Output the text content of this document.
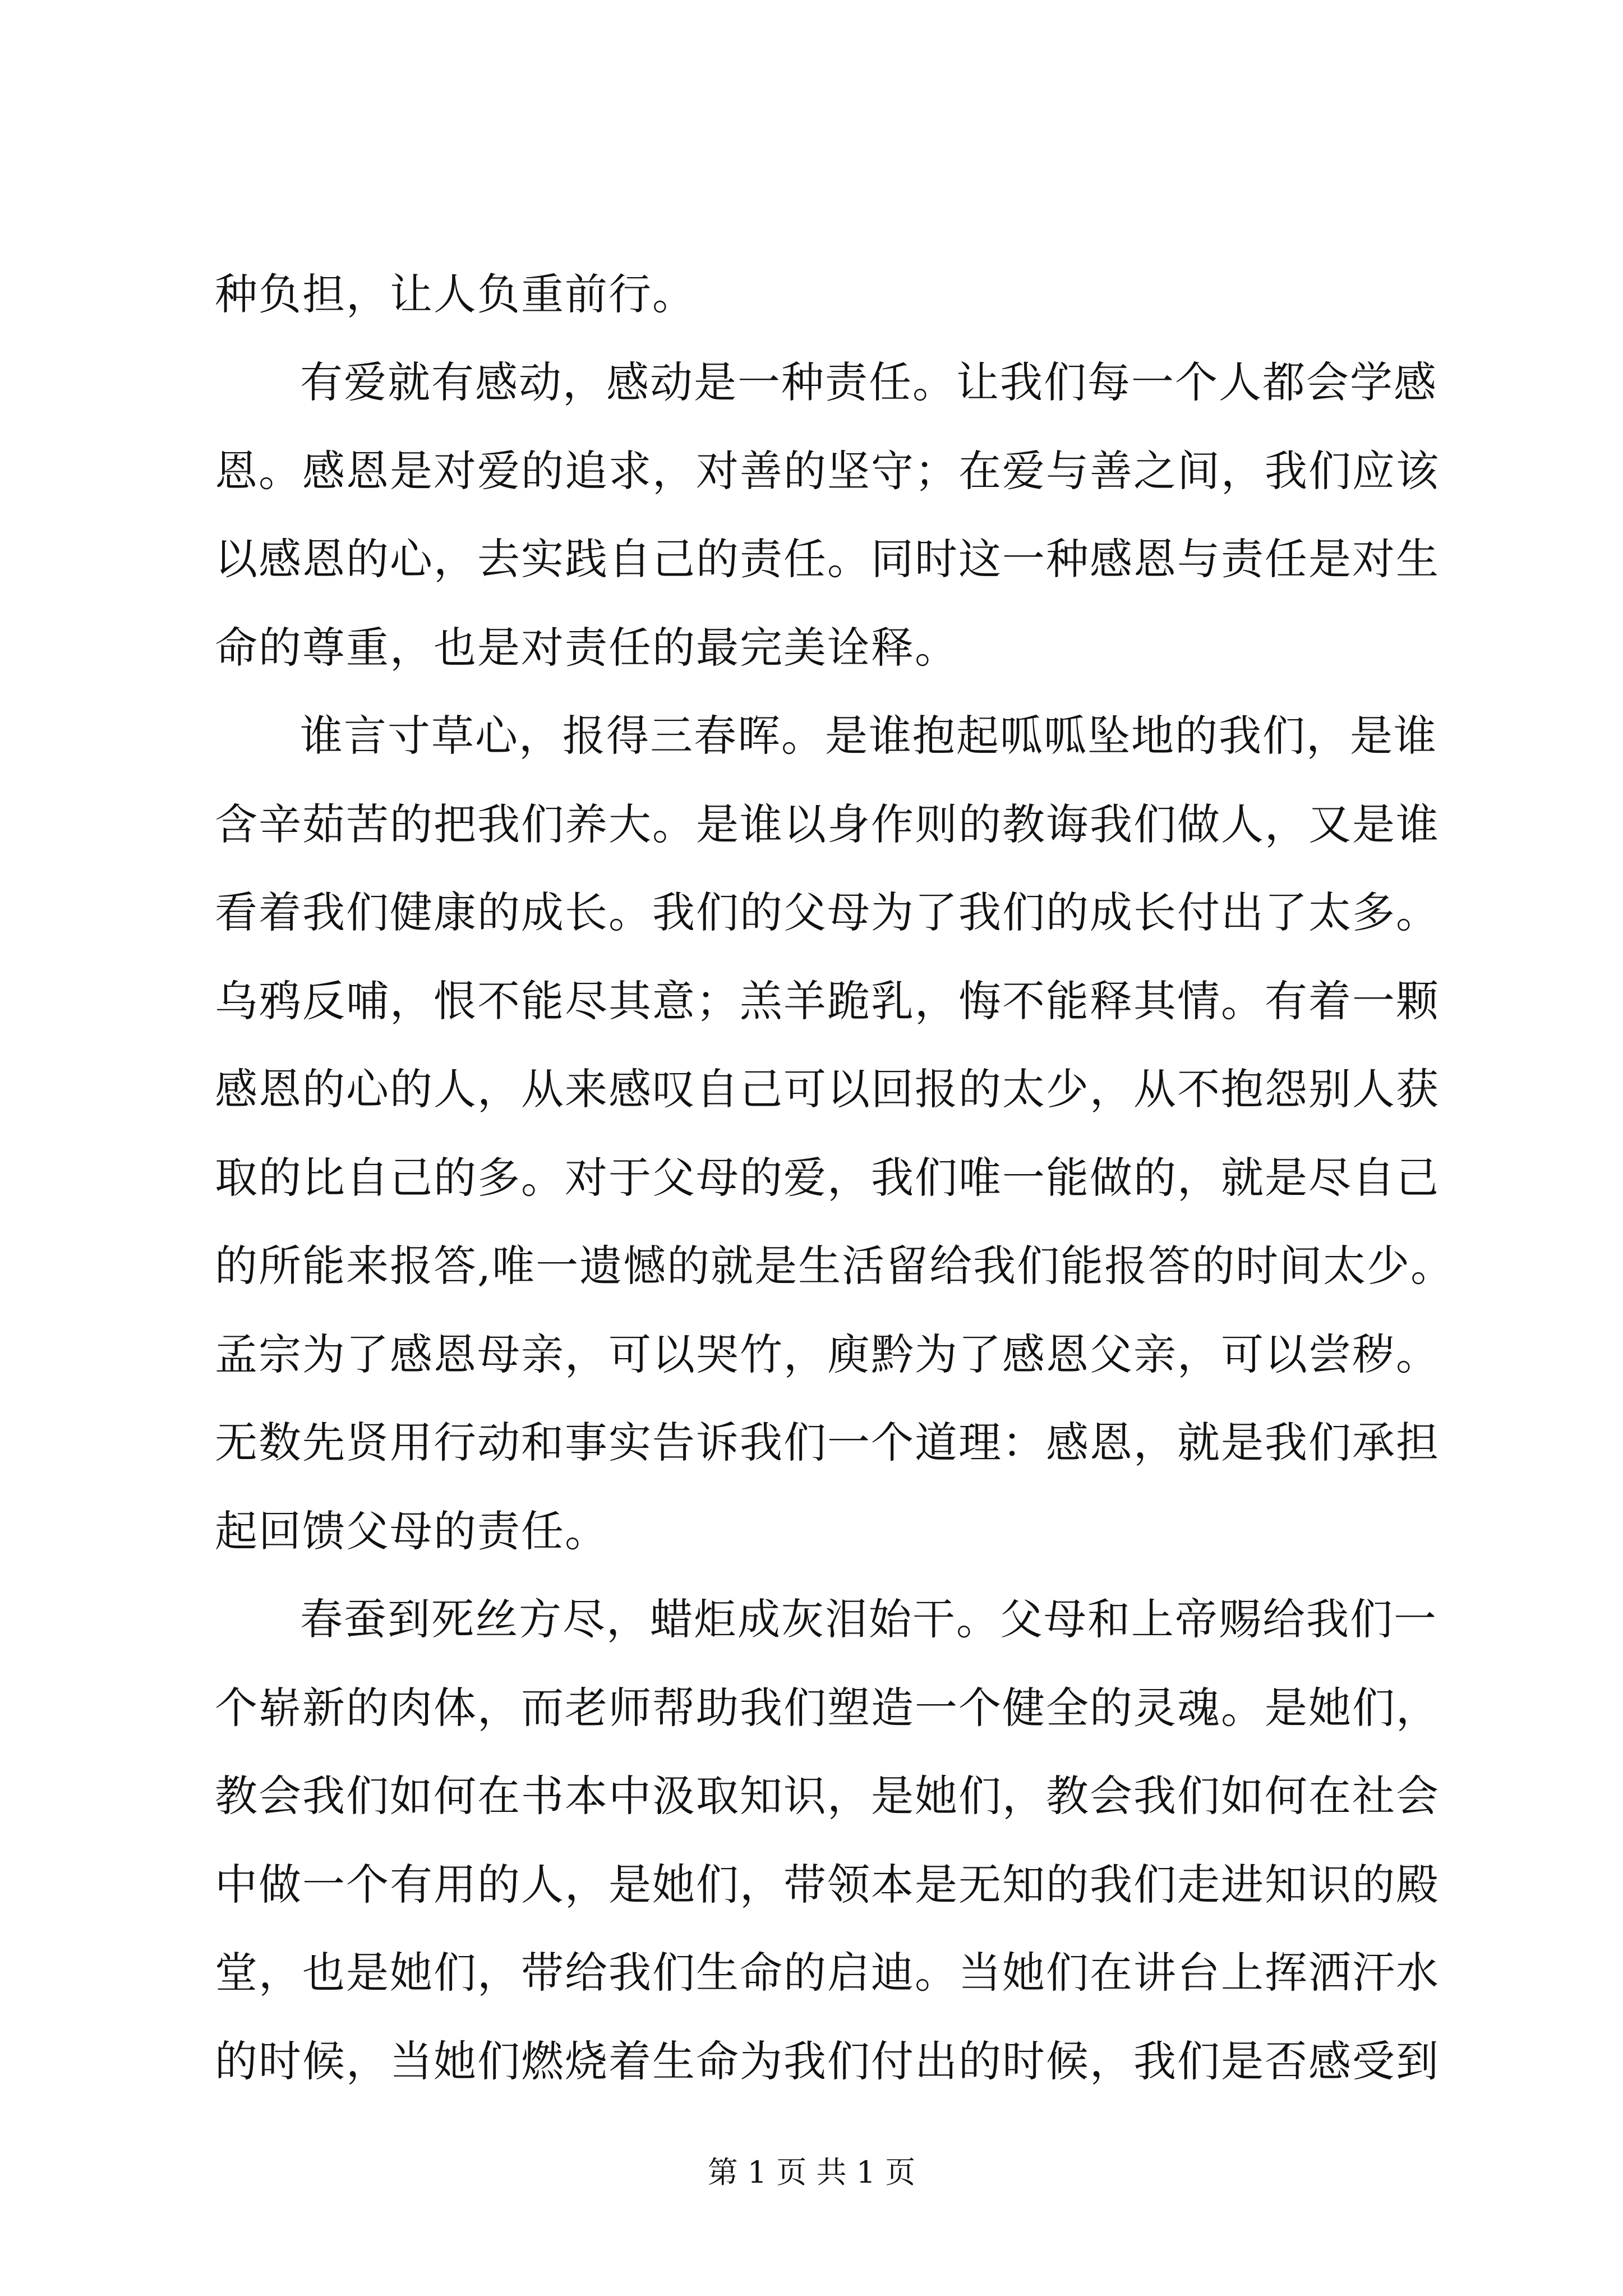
种负担，让人负重前行。
有爱就有感动，感动是一种责任。让我们每一个人都会学感
恩。感恩是对爱的追求，对善的坚守；在爱与善之间，我们应该
以感恩的心，去实践自己的责任。同时这一种感恩与责任是对生
命的尊重，也是对责任的最完美诠释。
谁言寸草心，报得三春晖。是谁抱起呱呱坠地的我们，是谁
含辛茹苦的把我们养大。是谁以身作则的教诲我们做人，又是谁
看着我们健康的成长。我们的父母为了我们的成长付出了太多。
乌鸦反哺，恨不能尽其意；羔羊跪乳，悔不能释其情。有着一颗
感恩的心的人，从来感叹自己可以回报的太少，从不抱怨别人获
取的比自己的多。对于父母的爱，我们唯一能做的，就是尽自己
的所能来报答,唯一遗憾的就是生活留给我们能报答的时间太少。
孟宗为了感恩母亲，可以哭竹，庾黔为了感恩父亲，可以尝秽。
无数先贤用行动和事实告诉我们一个道理：感恩，就是我们承担
起回馈父母的责任。
春蚕到死丝方尽，蜡炬成灰泪始干。父母和上帝赐给我们一
个崭新的肉体，而老师帮助我们塑造一个健全的灵魂。是她们，
教会我们如何在书本中汲取知识，是她们，教会我们如何在社会
中做一个有用的人，是她们，带领本是无知的我们走进知识的殿
堂，也是她们，带给我们生命的启迪。当她们在讲台上挥洒汗水
的时候，当她们燃烧着生命为我们付出的时候，我们是否感受到
第 1 页 共 1 页
